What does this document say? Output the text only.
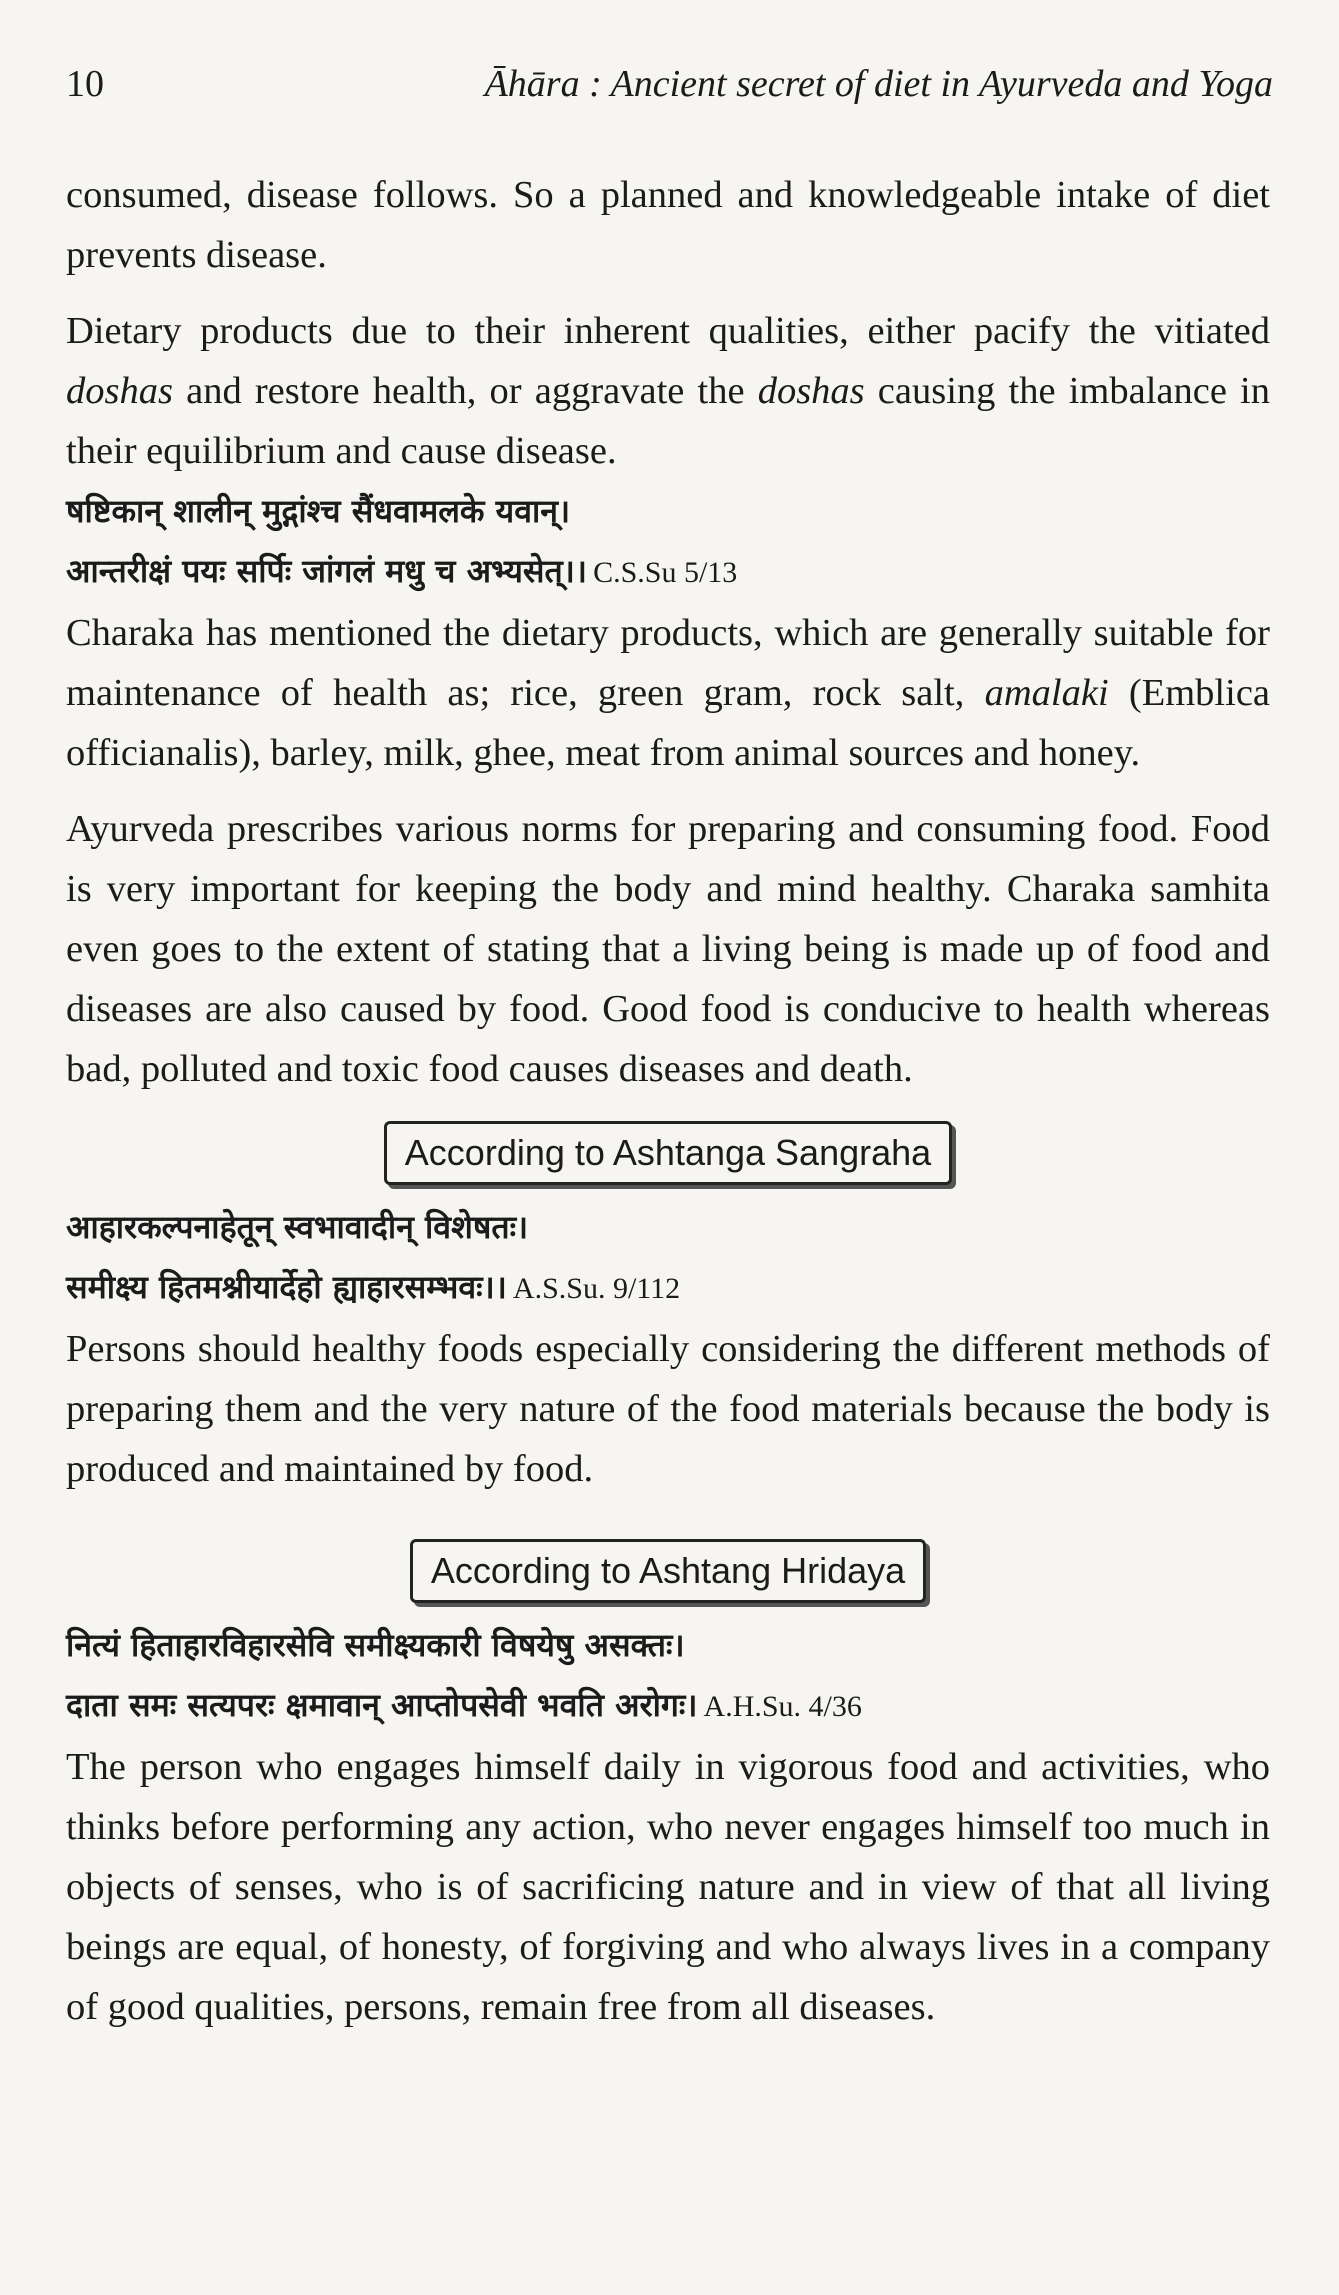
10	Āhāra : Ancient secret of diet in Ayurveda and Yoga

consumed, disease follows. So a planned and knowledgeable intake of diet prevents disease.

Dietary products due to their inherent qualities, either pacify the vitiated doshas and restore health, or aggravate the doshas causing the imbalance in their equilibrium and cause disease.

षष्टिकान् शालीन् मुद्गांश्च सैंधवामलके यवान्।
आन्तरीक्षं पयः सर्पिः जांगलं मधु च अभ्यसेत्।। C.S.Su 5/13

Charaka has mentioned the dietary products, which are generally suitable for maintenance of health as; rice, green gram, rock salt, amalaki (Emblica officianalis), barley, milk, ghee, meat from animal sources and honey.

Ayurveda prescribes various norms for preparing and consuming food. Food is very important for keeping the body and mind healthy. Charaka samhita even goes to the extent of stating that a living being is made up of food and diseases are also caused by food. Good food is conducive to health whereas bad, polluted and toxic food causes diseases and death.

According to Ashtanga Sangraha
आहारकल्पनाहेतून् स्वभावादीन् विशेषतः।
समीक्ष्य हितमश्नीयार्देहो ह्याहारसम्भवः।। A.S.Su. 9/112

Persons should healthy foods especially considering the different methods of preparing them and the very nature of the food materials because the body is produced and maintained by food.

According to Ashtang Hridaya
नित्यं हिताहारविहारसेवि समीक्ष्यकारी विषयेषु असक्तः।
दाता समः सत्यपरः क्षमावान् आप्तोपसेवी भवति अरोगः। A.H.Su. 4/36

The person who engages himself daily in vigorous food and activities, who thinks before performing any action, who never engages himself too much in objects of senses, who is of sacrificing nature and in view of that all living beings are equal, of honesty, of forgiving and who always lives in a company of good qualities, persons, remain free from all diseases.
